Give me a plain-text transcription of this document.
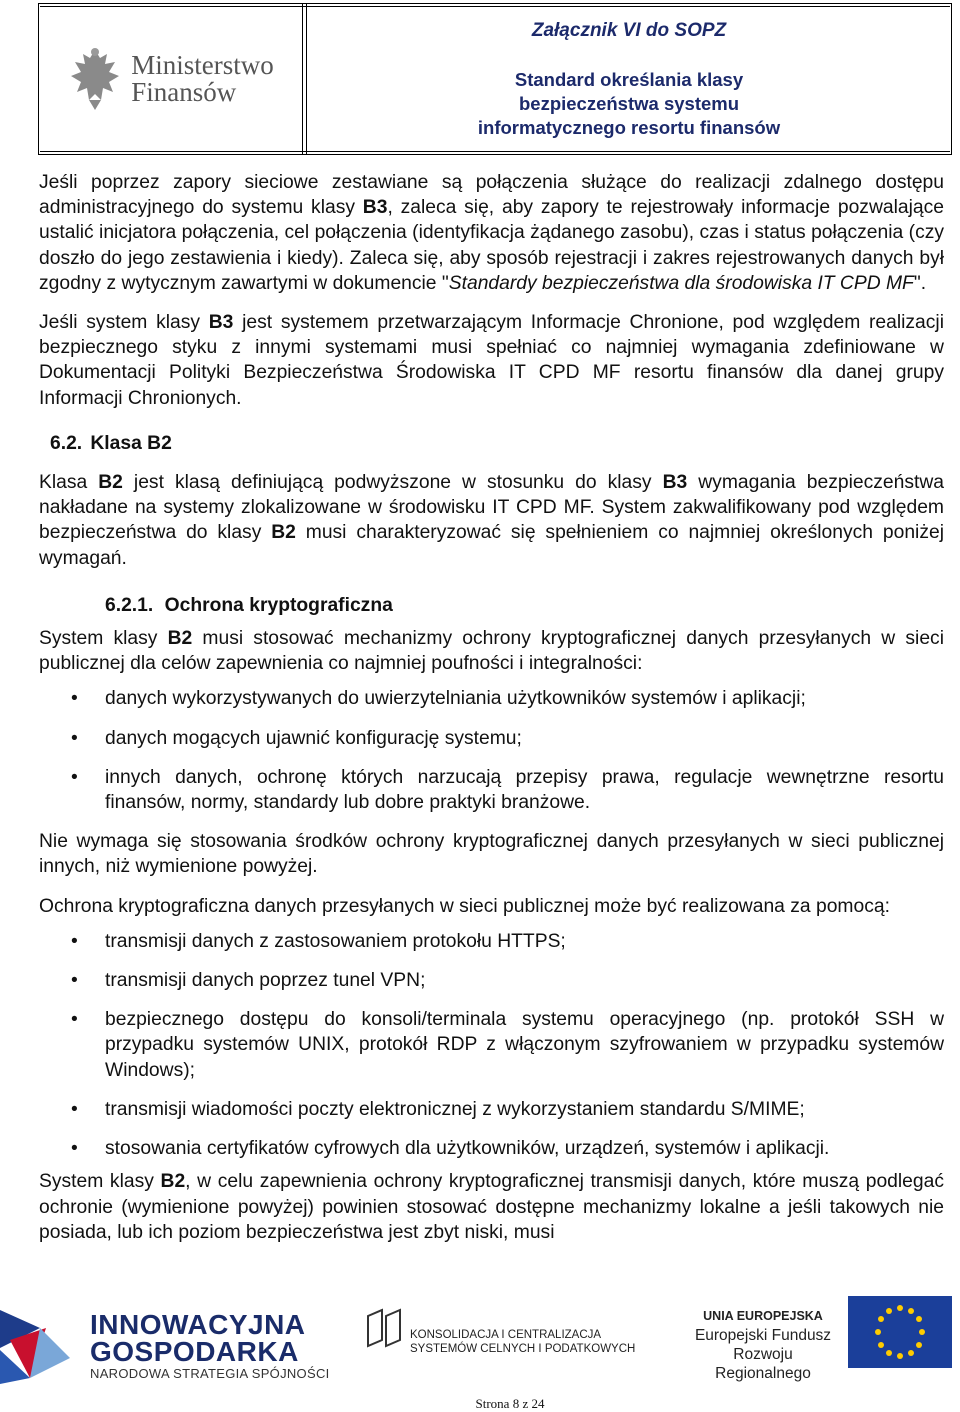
Ministerstwo
Finansów
Załącznik VI do SOPZ
Standard określania klasy
bezpieczeństwa systemu
informatycznego resortu finansów

Jeśli poprzez zapory sieciowe zestawiane są połączenia służące do realizacji zdalnego dostępu administracyjnego do systemu klasy B3, zaleca się, aby zapory te rejestrowały informacje pozwalające ustalić inicjatora połączenia, cel połączenia (identyfikacja żądanego zasobu), czas i status połączenia (czy doszło do jego zestawienia i kiedy). Zaleca się, aby sposób rejestracji i zakres rejestrowanych danych był zgodny z wytycznym zawartymi w dokumencie "Standardy bezpieczeństwa dla środowiska IT CPD MF".

Jeśli system klasy B3 jest systemem przetwarzającym Informacje Chronione, pod względem realizacji bezpiecznego styku z innymi systemami musi spełniać co najmniej wymagania zdefiniowane w Dokumentacji Polityki Bezpieczeństwa Środowiska IT CPD MF resortu finansów dla danej grupy Informacji Chronionych.

6.2. Klasa B2

Klasa B2 jest klasą definiującą podwyższone w stosunku do klasy B3 wymagania bezpieczeństwa nakładane na systemy zlokalizowane w środowisku IT CPD MF. System zakwalifikowany pod względem bezpieczeństwa do klasy B2 musi charakteryzować się spełnieniem co najmniej określonych poniżej wymagań.

6.2.1. Ochrona kryptograficzna

System klasy B2 musi stosować mechanizmy ochrony kryptograficznej danych przesyłanych w sieci publicznej dla celów zapewnienia co najmniej poufności i integralności:

• danych wykorzystywanych do uwierzytelniania użytkowników systemów i aplikacji;
• danych mogących ujawnić konfigurację systemu;
• innych danych, ochronę których narzucają przepisy prawa, regulacje wewnętrzne resortu finansów, normy, standardy lub dobre praktyki branżowe.

Nie wymaga się stosowania środków ochrony kryptograficznej danych przesyłanych w sieci publicznej innych, niż wymienione powyżej.

Ochrona kryptograficzna danych przesyłanych w sieci publicznej może być realizowana za pomocą:

• transmisji danych z zastosowaniem protokołu HTTPS;
• transmisji danych poprzez tunel VPN;
• bezpiecznego dostępu do konsoli/terminala systemu operacyjnego (np. protokół SSH w przypadku systemów UNIX, protokół RDP z włączonym szyfrowaniem w przypadku systemów Windows);
• transmisji wiadomości poczty elektronicznej z wykorzystaniem standardu S/MIME;
• stosowania certyfikatów cyfrowych dla użytkowników, urządzeń, systemów i aplikacji.

System klasy B2, w celu zapewnienia ochrony kryptograficznej transmisji danych, które muszą podlegać ochronie (wymienione powyżej) powinien stosować dostępne mechanizmy lokalne a jeśli takowych nie posiada, lub ich poziom bezpieczeństwa jest zbyt niski, musi

INNOWACYJNA
GOSPODARKA
NARODOWA STRATEGIA SPÓJNOŚCI
KONSOLIDACJA I CENTRALIZACJA
SYSTEMÓW CELNYCH I PODATKOWYCH
UNIA EUROPEJSKA
Europejski Fundusz
Rozwoju Regionalnego
Strona 8 z 24
